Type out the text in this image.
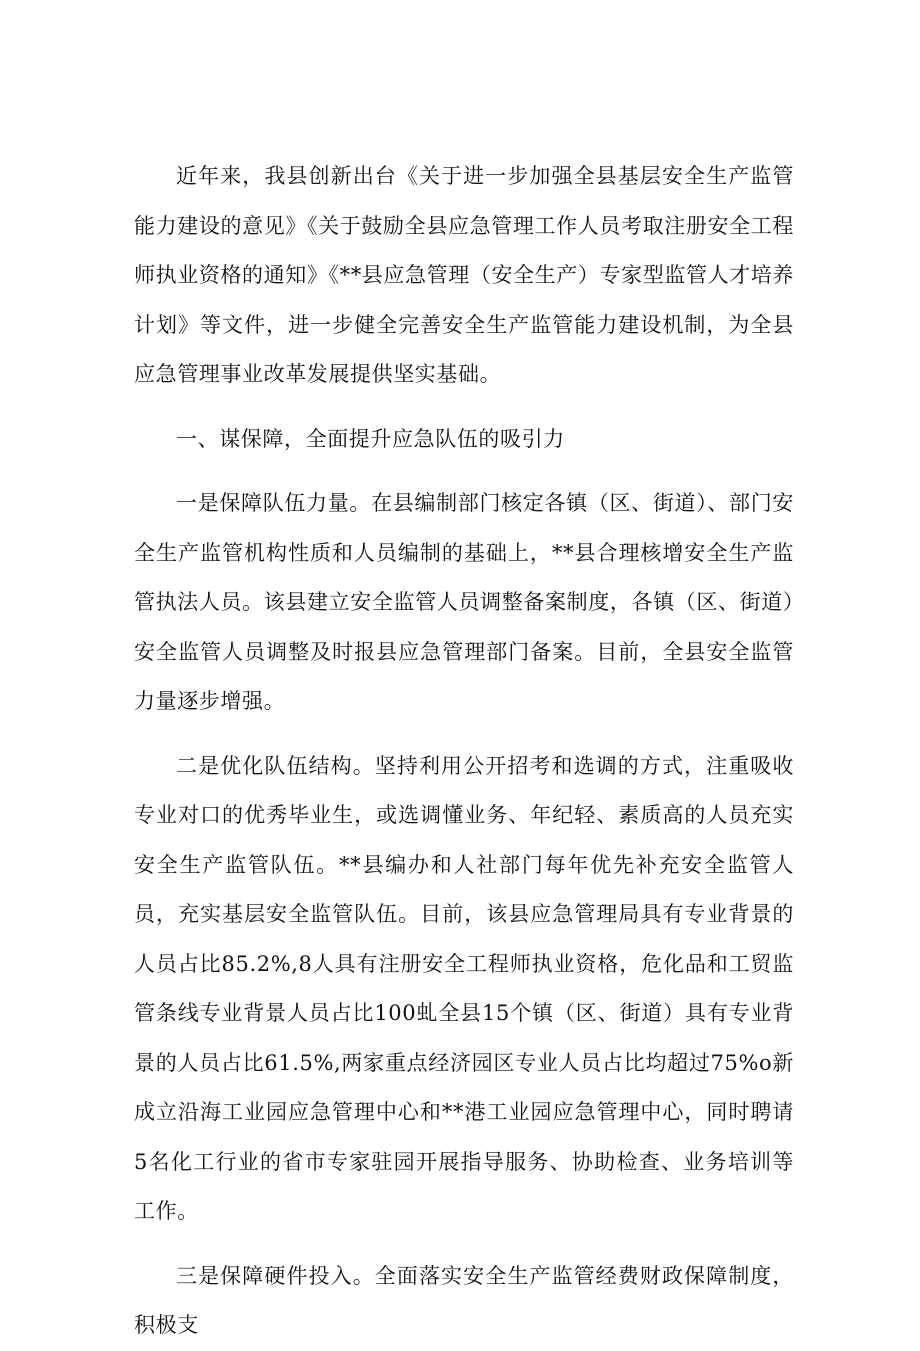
近年来，我县创新出台《关于进一步加强全县基层安全生产监管能力建设的意见》《关于鼓励全县应急管理工作人员考取注册安全工程师执业资格的通知》《**县应急管理（安全生产）专家型监管人才培养计划》等文件，进一步健全完善安全生产监管能力建设机制，为全县应急管理事业改革发展提供坚实基础。

一、谋保障，全面提升应急队伍的吸引力

一是保障队伍力量。在县编制部门核定各镇（区、街道）、部门安全生产监管机构性质和人员编制的基础上，**县合理核增安全生产监管执法人员。该县建立安全监管人员调整备案制度，各镇（区、街道）安全监管人员调整及时报县应急管理部门备案。目前，全县安全监管力量逐步增强。

二是优化队伍结构。坚持利用公开招考和选调的方式，注重吸收专业对口的优秀毕业生，或选调懂业务、年纪轻、素质高的人员充实安全生产监管队伍。**县编办和人社部门每年优先补充安全监管人员，充实基层安全监管队伍。目前，该县应急管理局具有专业背景的人员占比85.2%,8人具有注册安全工程师执业资格，危化品和工贸监管条线专业背景人员占比100虬全县15个镇（区、街道）具有专业背景的人员占比61.5%,两家重点经济园区专业人员占比均超过75%o新成立沿海工业园应急管理中心和**港工业园应急管理中心，同时聘请5名化工行业的省市专家驻园开展指导服务、协助检查、业务培训等工作。

三是保障硬件投入。全面落实安全生产监管经费财政保障制度，积极支
